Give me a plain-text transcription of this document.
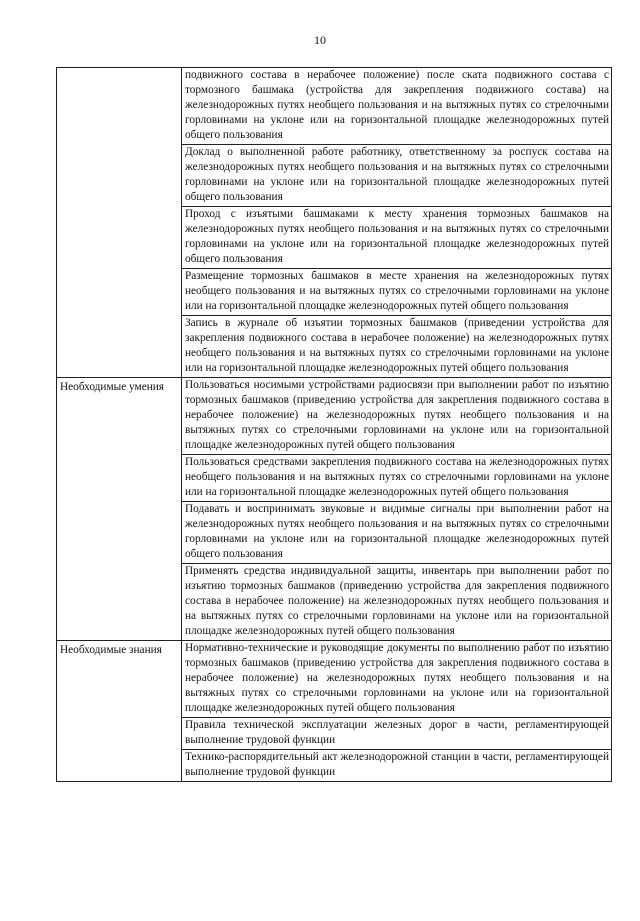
10
	подвижного состава в нерабочее положение) после ската подвижного состава с тормозного башмака (устройства для закрепления подвижного состава) на железнодорожных путях необщего пользования и на вытяжных путях со стрелочными горловинами на уклоне или на горизонтальной площадке железнодорожных путей общего пользования
	Доклад о выполненной работе работнику, ответственному за роспуск состава на железнодорожных путях необщего пользования и на вытяжных путях со стрелочными горловинами на уклоне или на горизонтальной площадке железнодорожных путей общего пользования
	Проход с изъятыми башмаками к месту хранения тормозных башмаков на железнодорожных путях необщего пользования и на вытяжных путях со стрелочными горловинами на уклоне или на горизонтальной площадке железнодорожных путей общего пользования
	Размещение тормозных башмаков в месте хранения на железнодорожных путях необщего пользования и на вытяжных путях со стрелочными горловинами на уклоне или на горизонтальной площадке железнодорожных путей общего пользования
	Запись в журнале об изъятии тормозных башмаков (приведении устройства для закрепления подвижного состава в нерабочее положение) на железнодорожных путях необщего пользования и на вытяжных путях со стрелочными горловинами на уклоне или на горизонтальной площадке железнодорожных путей общего пользования

Необходимые умения	Пользоваться носимыми устройствами радиосвязи при выполнении работ по изъятию тормозных башмаков (приведению устройства для закрепления подвижного состава в нерабочее положение) на железнодорожных путях необщего пользования и на вытяжных путях со стрелочными горловинами на уклоне или на горизонтальной площадке железнодорожных путей общего пользования
	Пользоваться средствами закрепления подвижного состава на железнодорожных путях необщего пользования и на вытяжных путях со стрелочными горловинами на уклоне или на горизонтальной площадке железнодорожных путей общего пользования
	Подавать и воспринимать звуковые и видимые сигналы при выполнении работ на железнодорожных путях необщего пользования и на вытяжных путях со стрелочными горловинами на уклоне или на горизонтальной площадке железнодорожных путей общего пользования
	Применять средства индивидуальной защиты, инвентарь при выполнении работ по изъятию тормозных башмаков (приведению устройства для закрепления подвижного состава в нерабочее положение) на железнодорожных путях необщего пользования и на вытяжных путях со стрелочными горловинами на уклоне или на горизонтальной площадке железнодорожных путей общего пользования

Необходимые знания	Нормативно-технические и руководящие документы по выполнению работ по изъятию тормозных башмаков (приведению устройства для закрепления подвижного состава в нерабочее положение) на железнодорожных путях необщего пользования и на вытяжных путях со стрелочными горловинами на уклоне или на горизонтальной площадке железнодорожных путей общего пользования
	Правила технической эксплуатации железных дорог в части, регламентирующей выполнение трудовой функции
	Технико-распорядительный акт железнодорожной станции в части, регламентирующей выполнение трудовой функции
